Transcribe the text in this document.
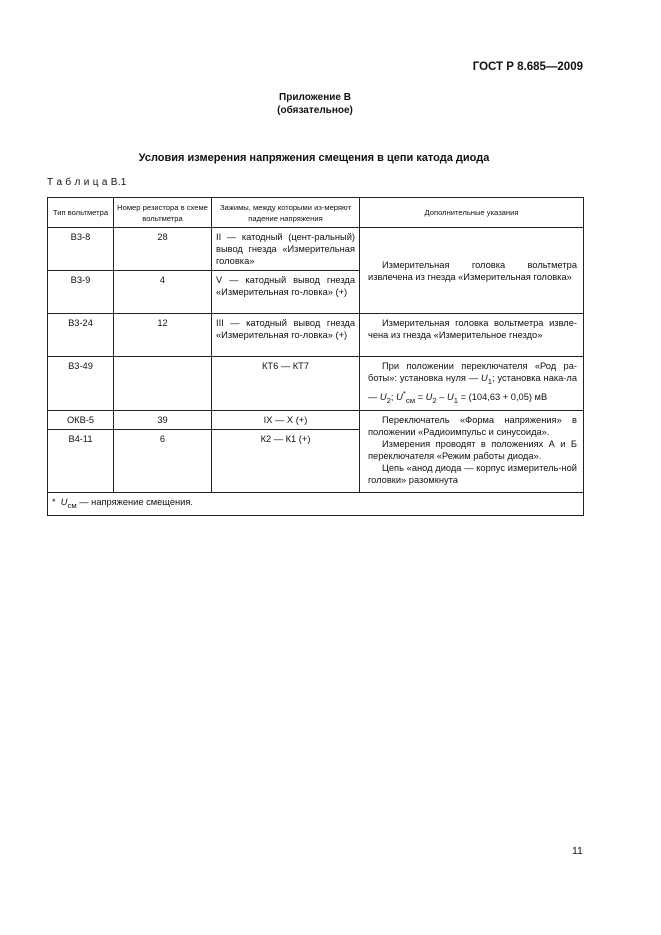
ГОСТ Р 8.685—2009
Приложение В
(обязательное)
Условия измерения напряжения смещения в цепи катода диода
Т а б л и ц а В.1
Тип вольтметра	Номер резистора в схеме вольтметра	Зажимы, между которыми из-меряют падение напряжения	Дополнительные указания
В3-8	28	II — катодный (цент-ральный) вывод гнезда «Измерительная головка»	Измерительная головка вольтметра извлечена из гнезда «Измерительная головка»

В3-9	4	V — катодный вывод гнезда «Измерительная го-ловка» (+)	
В3-24	12	III — катодный вывод гнезда «Измерительная го-ловка» (+)	Измерительная головка вольтметра извле-чена из гнезда «Измерительное гнездо»

В3-49		КТ6 — КТ7	При положении переключателя «Род ра-боты»: установка нуля — $U_1$; установка нака-ла — $U_2$; $U^*_{см} = U_2 - U_1 = (104,63 + 0,05)$ мВ

ОКВ-5	39	IX — X (+)	Переключатель «Форма напряжения» в положении «Радиоимпульс и синусоида».

Измерения проводят в положениях А и Б переключателя «Режим работы диода».

Цепь «анод диода — корпус измеритель-ной головки» разомкнута

В4-11	6	К2 — К1 (+)	
* $U_{см}$ — напряжение смещения.			
11
